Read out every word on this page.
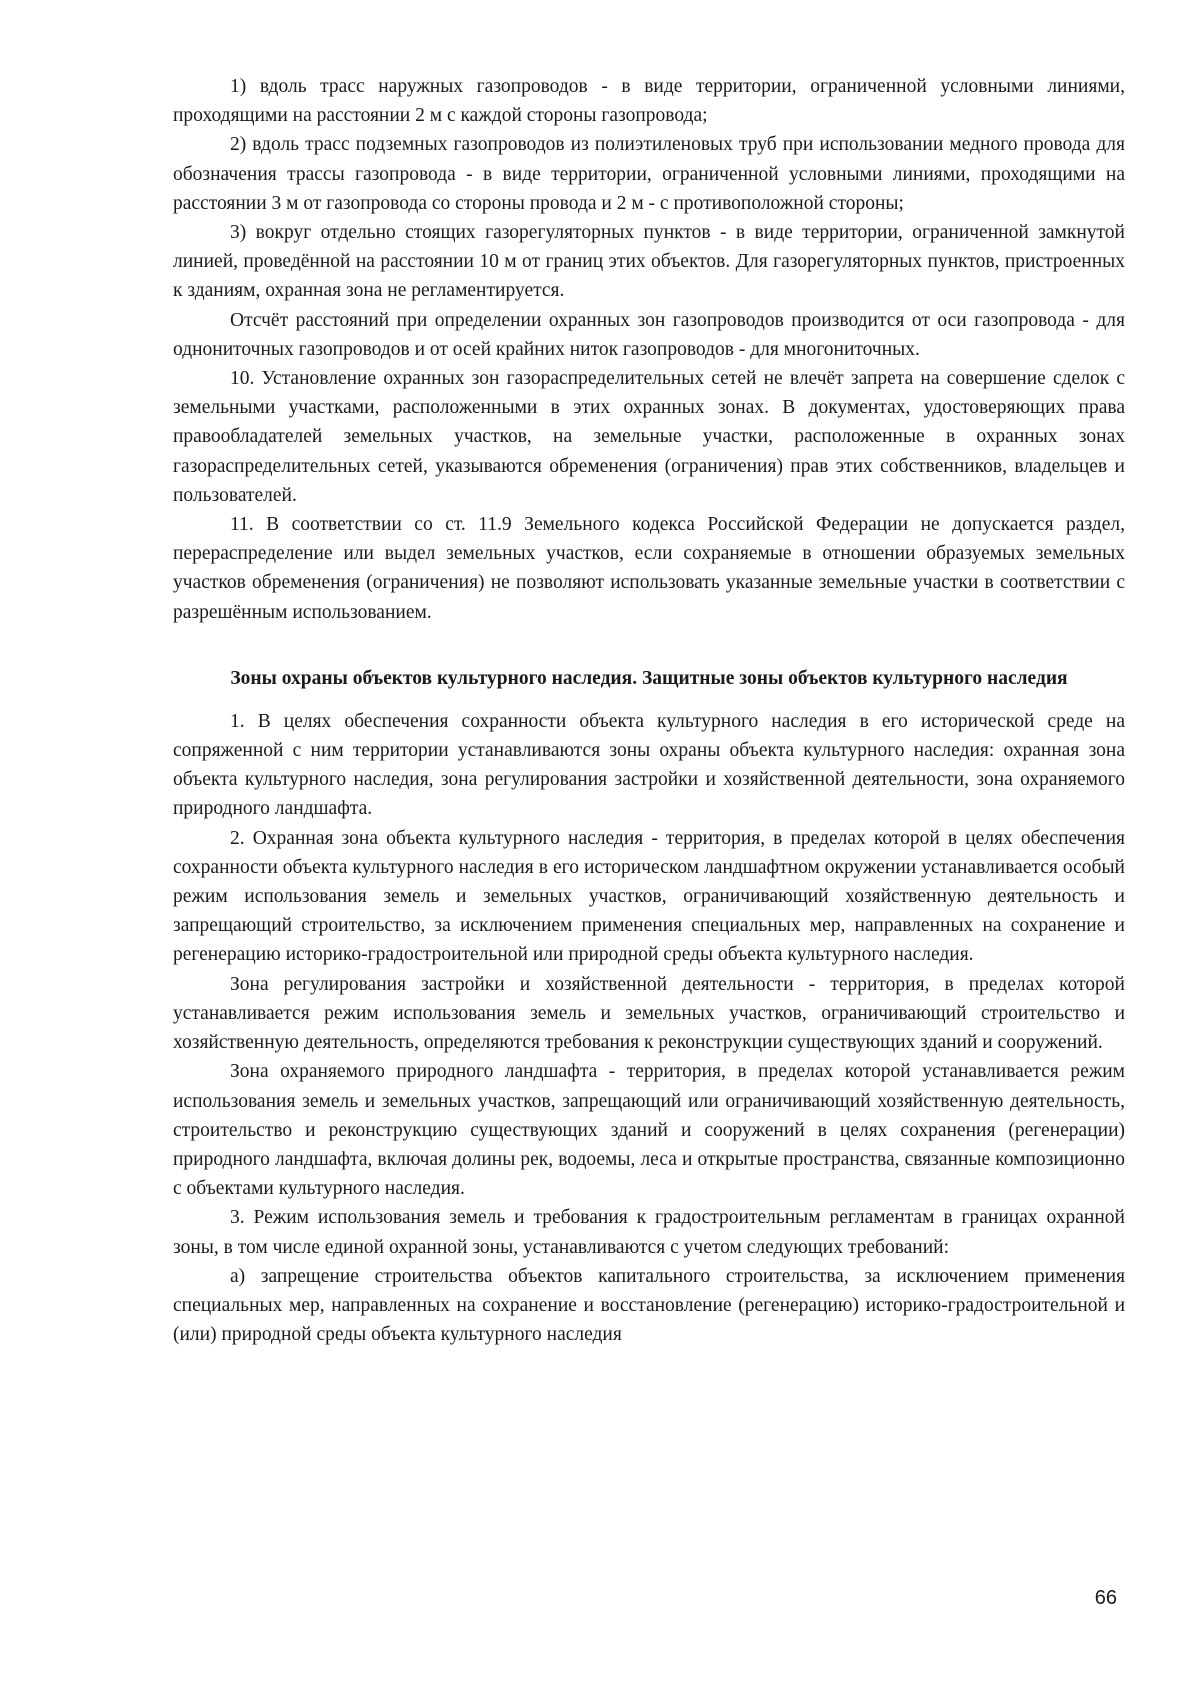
1) вдоль трасс наружных газопроводов - в виде территории, ограниченной условными линиями, проходящими на расстоянии 2 м с каждой стороны газопровода;

2) вдоль трасс подземных газопроводов из полиэтиленовых труб при использовании медного провода для обозначения трассы газопровода - в виде территории, ограниченной условными линиями, проходящими на расстоянии 3 м от газопровода со стороны провода и 2 м - с противоположной стороны;

3) вокруг отдельно стоящих газорегуляторных пунктов - в виде территории, ограниченной замкнутой линией, проведённой на расстоянии 10 м от границ этих объектов. Для газорегуляторных пунктов, пристроенных к зданиям, охранная зона не регламентируется.

Отсчёт расстояний при определении охранных зон газопроводов производится от оси газопровода - для однониточных газопроводов и от осей крайних ниток газопроводов - для многониточных.

10. Установление охранных зон газораспределительных сетей не влечёт запрета на совершение сделок с земельными участками, расположенными в этих охранных зонах. В документах, удостоверяющих права правообладателей земельных участков, на земельные участки, расположенные в охранных зонах газораспределительных сетей, указываются обременения (ограничения) прав этих собственников, владельцев и пользователей.

11. В соответствии со ст. 11.9 Земельного кодекса Российской Федерации не допускается раздел, перераспределение или выдел земельных участков, если сохраняемые в отношении образуемых земельных участков обременения (ограничения) не позволяют использовать указанные земельные участки в соответствии с разрешённым использованием.

Зоны охраны объектов культурного наследия. Защитные зоны объектов культурного наследия

1. В целях обеспечения сохранности объекта культурного наследия в его исторической среде на сопряженной с ним территории устанавливаются зоны охраны объекта культурного наследия: охранная зона объекта культурного наследия, зона регулирования застройки и хозяйственной деятельности, зона охраняемого природного ландшафта.

2. Охранная зона объекта культурного наследия - территория, в пределах которой в целях обеспечения сохранности объекта культурного наследия в его историческом ландшафтном окружении устанавливается особый режим использования земель и земельных участков, ограничивающий хозяйственную деятельность и запрещающий строительство, за исключением применения специальных мер, направленных на сохранение и регенерацию историко-градостроительной или природной среды объекта культурного наследия.

Зона регулирования застройки и хозяйственной деятельности - территория, в пределах которой устанавливается режим использования земель и земельных участков, ограничивающий строительство и хозяйственную деятельность, определяются требования к реконструкции существующих зданий и сооружений.

Зона охраняемого природного ландшафта - территория, в пределах которой устанавливается режим использования земель и земельных участков, запрещающий или ограничивающий хозяйственную деятельность, строительство и реконструкцию существующих зданий и сооружений в целях сохранения (регенерации) природного ландшафта, включая долины рек, водоемы, леса и открытые пространства, связанные композиционно с объектами культурного наследия.

3. Режим использования земель и требования к градостроительным регламентам в границах охранной зоны, в том числе единой охранной зоны, устанавливаются с учетом следующих требований:

а) запрещение строительства объектов капитального строительства, за исключением применения специальных мер, направленных на сохранение и восстановление (регенерацию) историко-градостроительной и (или) природной среды объекта культурного наследия

66
